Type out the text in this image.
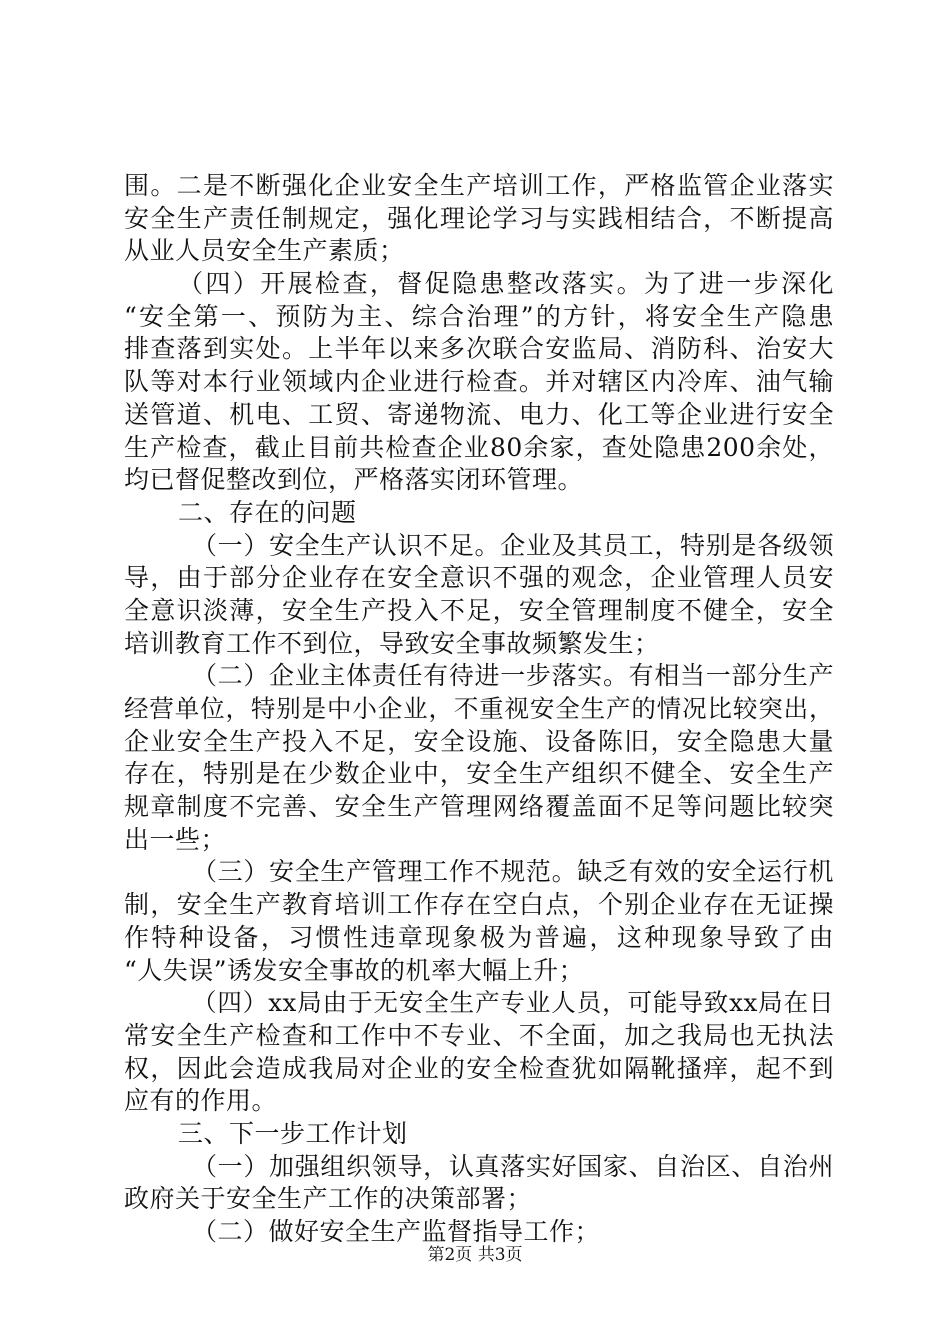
围。二是不断强化企业安全生产培训工作，严格监管企业落实
安全生产责任制规定，强化理论学习与实践相结合，不断提高
从业人员安全生产素质；
（四）开展检查，督促隐患整改落实。为了进一步深化
“安全第一、预防为主、综合治理”的方针，将安全生产隐患
排查落到实处。上半年以来多次联合安监局、消防科、治安大
队等对本行业领域内企业进行检查。并对辖区内冷库、油气输
送管道、机电、工贸、寄递物流、电力、化工等企业进行安全
生产检查，截止目前共检查企业80余家，查处隐患200余处，
均已督促整改到位，严格落实闭环管理。
二、存在的问题
（一）安全生产认识不足。企业及其员工，特别是各级领
导，由于部分企业存在安全意识不强的观念，企业管理人员安
全意识淡薄，安全生产投入不足，安全管理制度不健全，安全
培训教育工作不到位，导致安全事故频繁发生；
（二）企业主体责任有待进一步落实。有相当一部分生产
经营单位，特别是中小企业，不重视安全生产的情况比较突出，
企业安全生产投入不足，安全设施、设备陈旧，安全隐患大量
存在，特别是在少数企业中，安全生产组织不健全、安全生产
规章制度不完善、安全生产管理网络覆盖面不足等问题比较突
出一些；
（三）安全生产管理工作不规范。缺乏有效的安全运行机
制，安全生产教育培训工作存在空白点，个别企业存在无证操
作特种设备，习惯性违章现象极为普遍，这种现象导致了由
“人失误”诱发安全事故的机率大幅上升；
（四）xx局由于无安全生产专业人员，可能导致xx局在日
常安全生产检查和工作中不专业、不全面，加之我局也无执法
权，因此会造成我局对企业的安全检查犹如隔靴搔痒，起不到
应有的作用。
三、下一步工作计划
（一）加强组织领导，认真落实好国家、自治区、自治州
政府关于安全生产工作的决策部署；
（二）做好安全生产监督指导工作；
第2页 共3页
